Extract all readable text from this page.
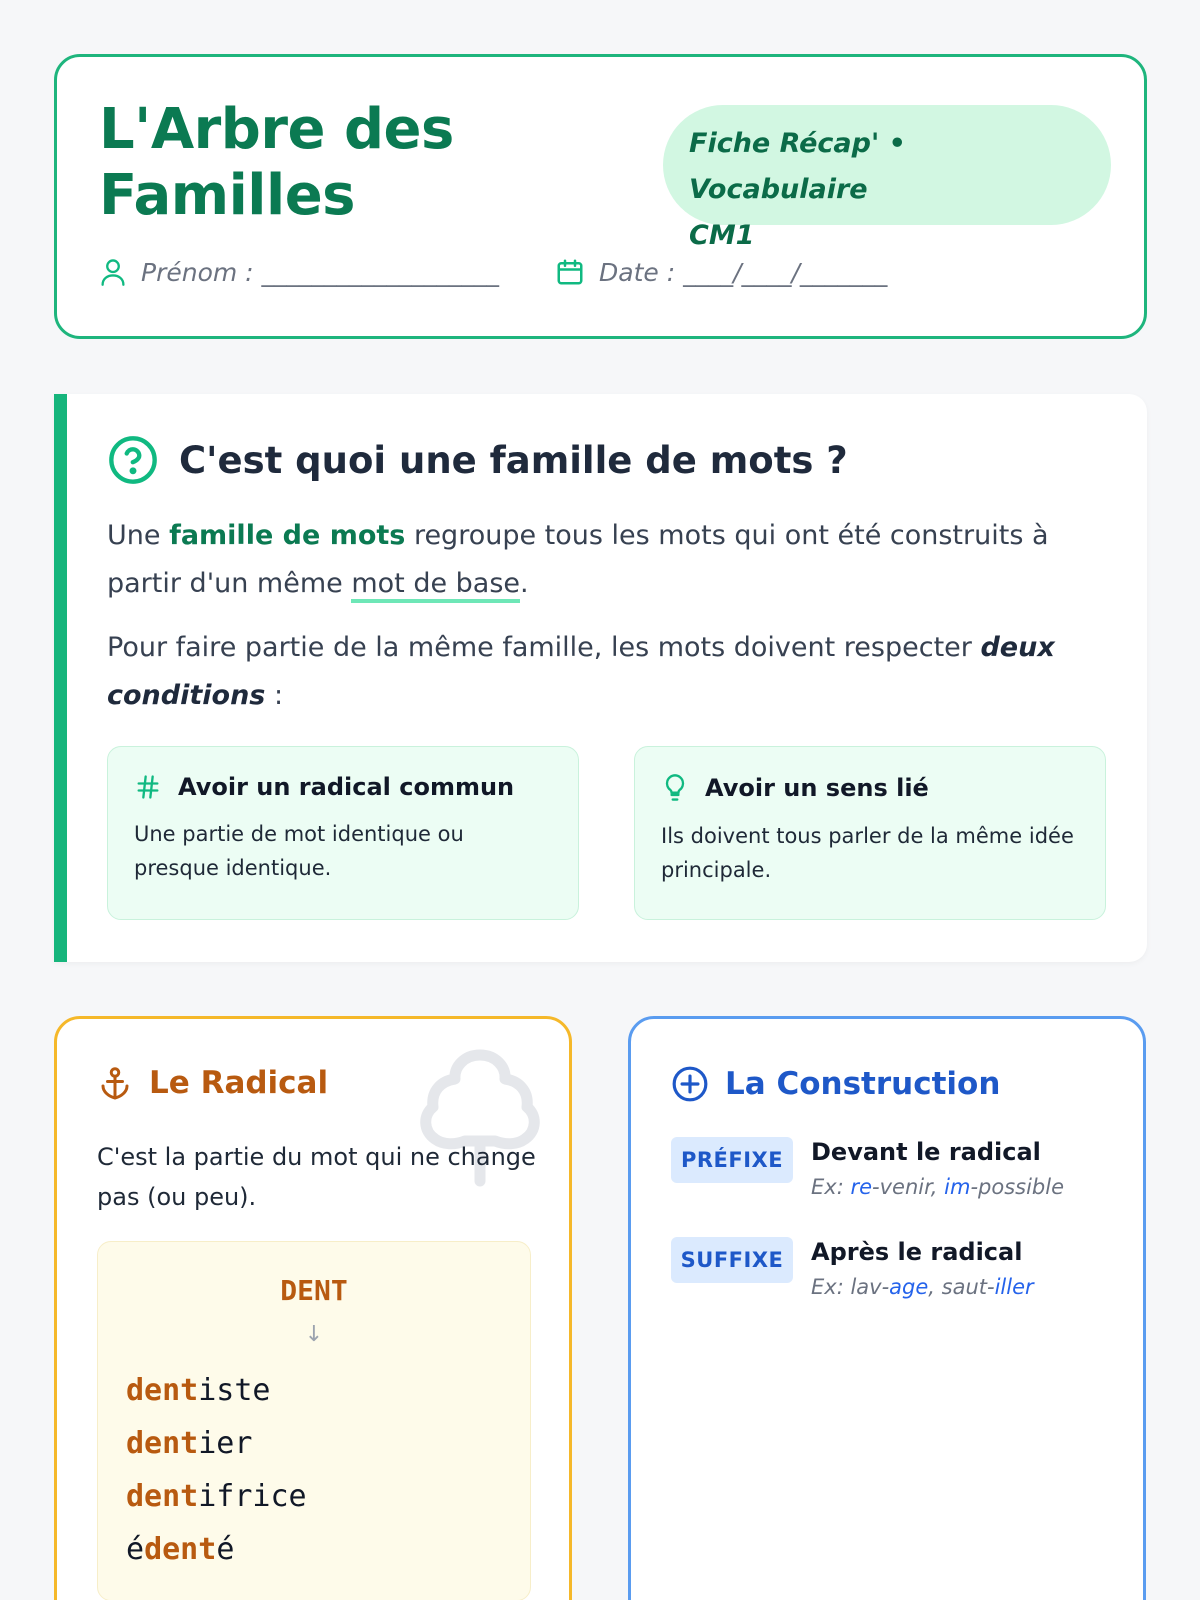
L'Arbre des
Familles
Fiche Récap' • Vocabulaire
CM1
Prénom : ___________________	Date : ____/____/_______
C'est quoi une famille de mots ?
Une famille de mots regroupe tous les mots qui ont été construits à partir d'un même mot de base.
Pour faire partie de la même famille, les mots doivent respecter deux conditions :
Avoir un radical commun

Une partie de mot identique ou presque identique.

Avoir un sens lié

Ils doivent tous parler de la même idée principale.

Le Radical
C'est la partie du mot qui ne change pas (ou peu).
DENT
↓
dentiste
dentier
dentifrice
édenté
La Construction
PRÉFIXE	Devant le radical
Ex: re-venir, im-possible
SUFFIXE	Après le radical
Ex: lav-age, saut-iller
